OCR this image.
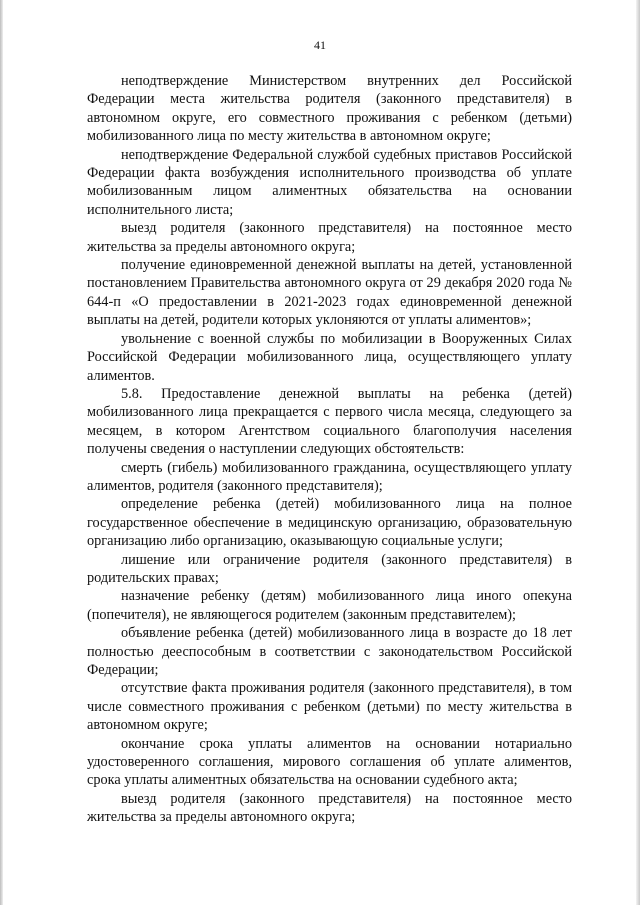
41

неподтверждение Министерством внутренних дел Российской Федерации места жительства родителя (законного представителя) в автономном округе, его совместного проживания с ребенком (детьми) мобилизованного лица по месту жительства в автономном округе;

неподтверждение Федеральной службой судебных приставов Российской Федерации факта возбуждения исполнительного производства об уплате мобилизованным лицом алиментных обязательства на основании исполнительного листа;

выезд родителя (законного представителя) на постоянное место жительства за пределы автономного округа;

получение единовременной денежной выплаты на детей, установленной постановлением Правительства автономного округа от 29 декабря 2020 года № 644-п «О предоставлении в 2021-2023 годах единовременной денежной выплаты на детей, родители которых уклоняются от уплаты алиментов»;

увольнение с военной службы по мобилизации в Вооруженных Силах Российской Федерации мобилизованного лица, осуществляющего уплату алиментов.

5.8. Предоставление денежной выплаты на ребенка (детей) мобилизованного лица прекращается с первого числа месяца, следующего за месяцем, в котором Агентством социального благополучия населения получены сведения о наступлении следующих обстоятельств:

смерть (гибель) мобилизованного гражданина, осуществляющего уплату алиментов, родителя (законного представителя);

определение ребенка (детей) мобилизованного лица на полное государственное обеспечение в медицинскую организацию, образовательную организацию либо организацию, оказывающую социальные услуги;

лишение или ограничение родителя (законного представителя) в родительских правах;

назначение ребенку (детям) мобилизованного лица иного опекуна (попечителя), не являющегося родителем (законным представителем);

объявление ребенка (детей) мобилизованного лица в возрасте до 18 лет полностью дееспособным в соответствии с законодательством Российской Федерации;

отсутствие факта проживания родителя (законного представителя), в том числе совместного проживания с ребенком (детьми) по месту жительства в автономном округе;

окончание срока уплаты алиментов на основании нотариально удостоверенного соглашения, мирового соглашения об уплате алиментов, срока уплаты алиментных обязательства на основании судебного акта;

выезд родителя (законного представителя) на постоянное место жительства за пределы автономного округа;
